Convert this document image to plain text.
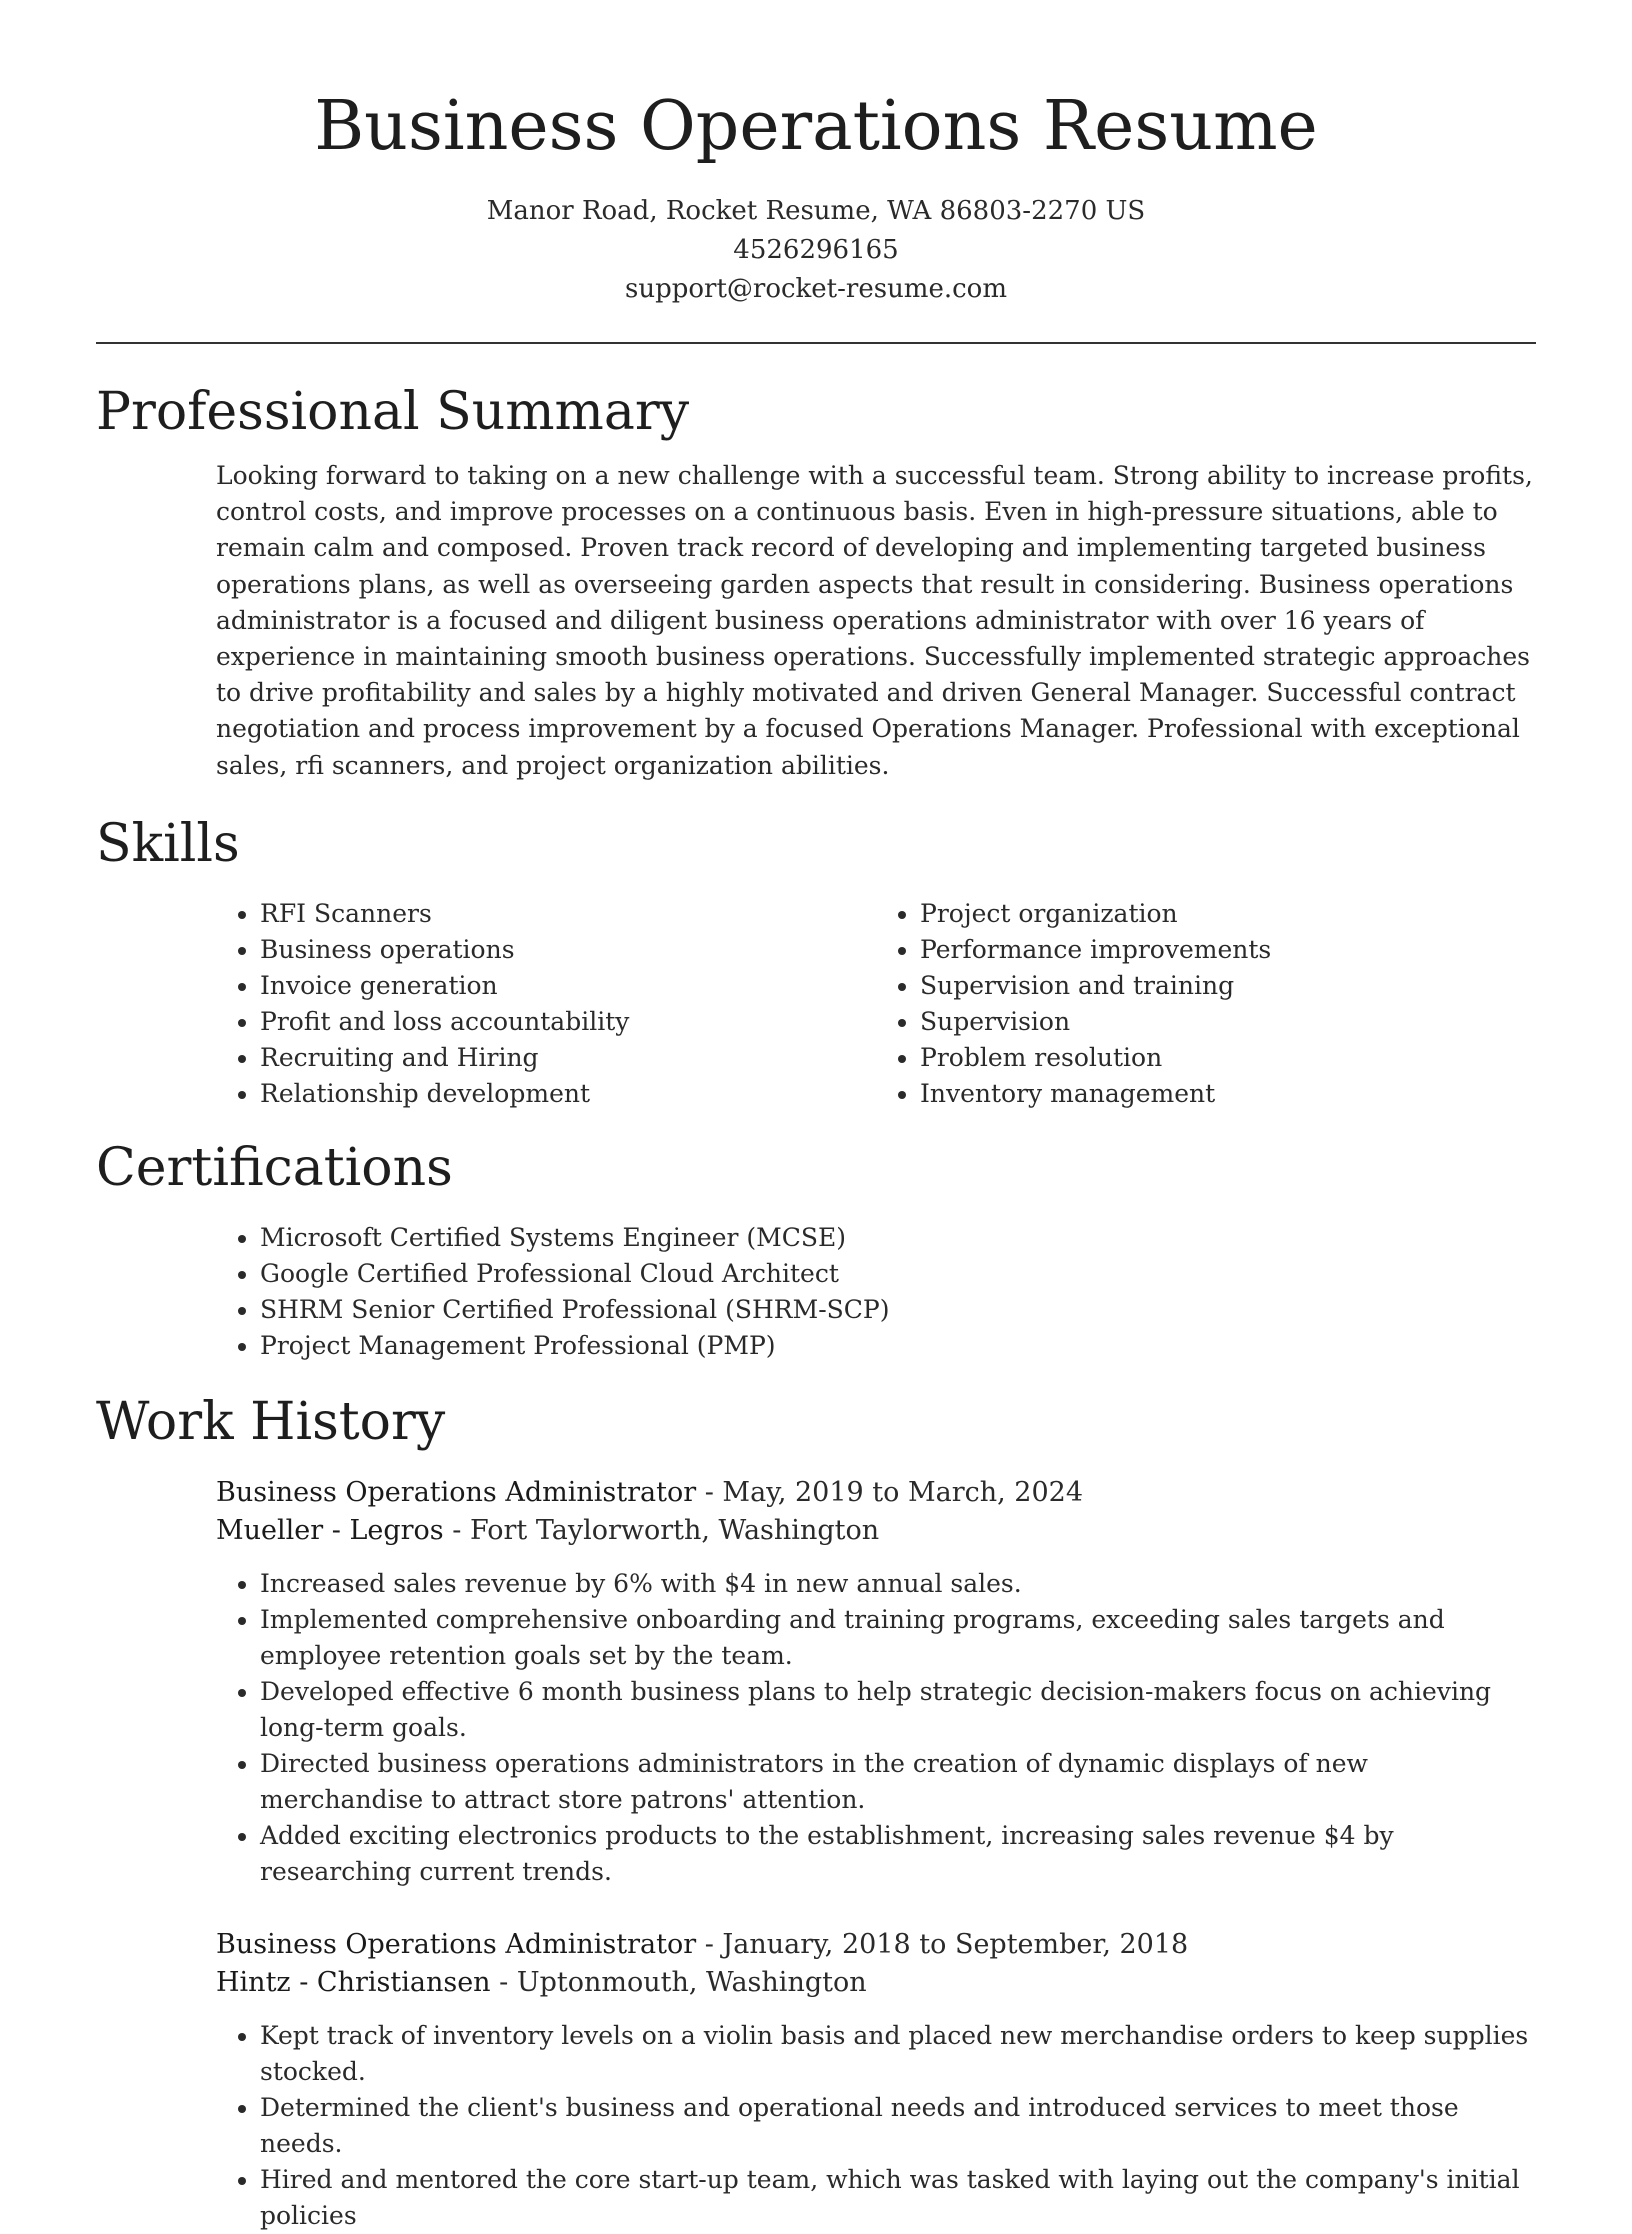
Business Operations Resume
Manor Road, Rocket Resume, WA 86803-2270 US
4526296165
support@rocket-resume.com
Professional Summary

Looking forward to taking on a new challenge with a successful team. Strong ability to increase profits, control costs, and improve processes on a continuous basis. Even in high-pressure situations, able to remain calm and composed. Proven track record of developing and implementing targeted business operations plans, as well as overseeing garden aspects that result in considering. Business operations administrator is a focused and diligent business operations administrator with over 16 years of experience in maintaining smooth business operations. Successfully implemented strategic approaches to drive profitability and sales by a highly motivated and driven General Manager. Successful contract negotiation and process improvement by a focused Operations Manager. Professional with exceptional sales, rfi scanners, and project organization abilities.

Skills
• RFI Scanners
• Business operations
• Invoice generation
• Profit and loss accountability
• Recruiting and Hiring
• Relationship development
• Project organization
• Performance improvements
• Supervision and training
• Supervision
• Problem resolution
• Inventory management
Certifications
• Microsoft Certified Systems Engineer (MCSE)
• Google Certified Professional Cloud Architect
• SHRM Senior Certified Professional (SHRM-SCP)
• Project Management Professional (PMP)
Work History
Business Operations Administrator - May, 2019 to March, 2024
Mueller - Legros - Fort Taylorworth, Washington
• Increased sales revenue by 6% with $4 in new annual sales.
• Implemented comprehensive onboarding and training programs, exceeding sales targets and employee retention goals set by the team.
• Developed effective 6 month business plans to help strategic decision-makers focus on achieving long-term goals.
• Directed business operations administrators in the creation of dynamic displays of new merchandise to attract store patrons' attention.
• Added exciting electronics products to the establishment, increasing sales revenue $4 by researching current trends.
Business Operations Administrator - January, 2018 to September, 2018
Hintz - Christiansen - Uptonmouth, Washington
• Kept track of inventory levels on a violin basis and placed new merchandise orders to keep supplies stocked.
• Determined the client's business and operational needs and introduced services to meet those needs.
• Hired and mentored the core start-up team, which was tasked with laying out the company's initial policies
